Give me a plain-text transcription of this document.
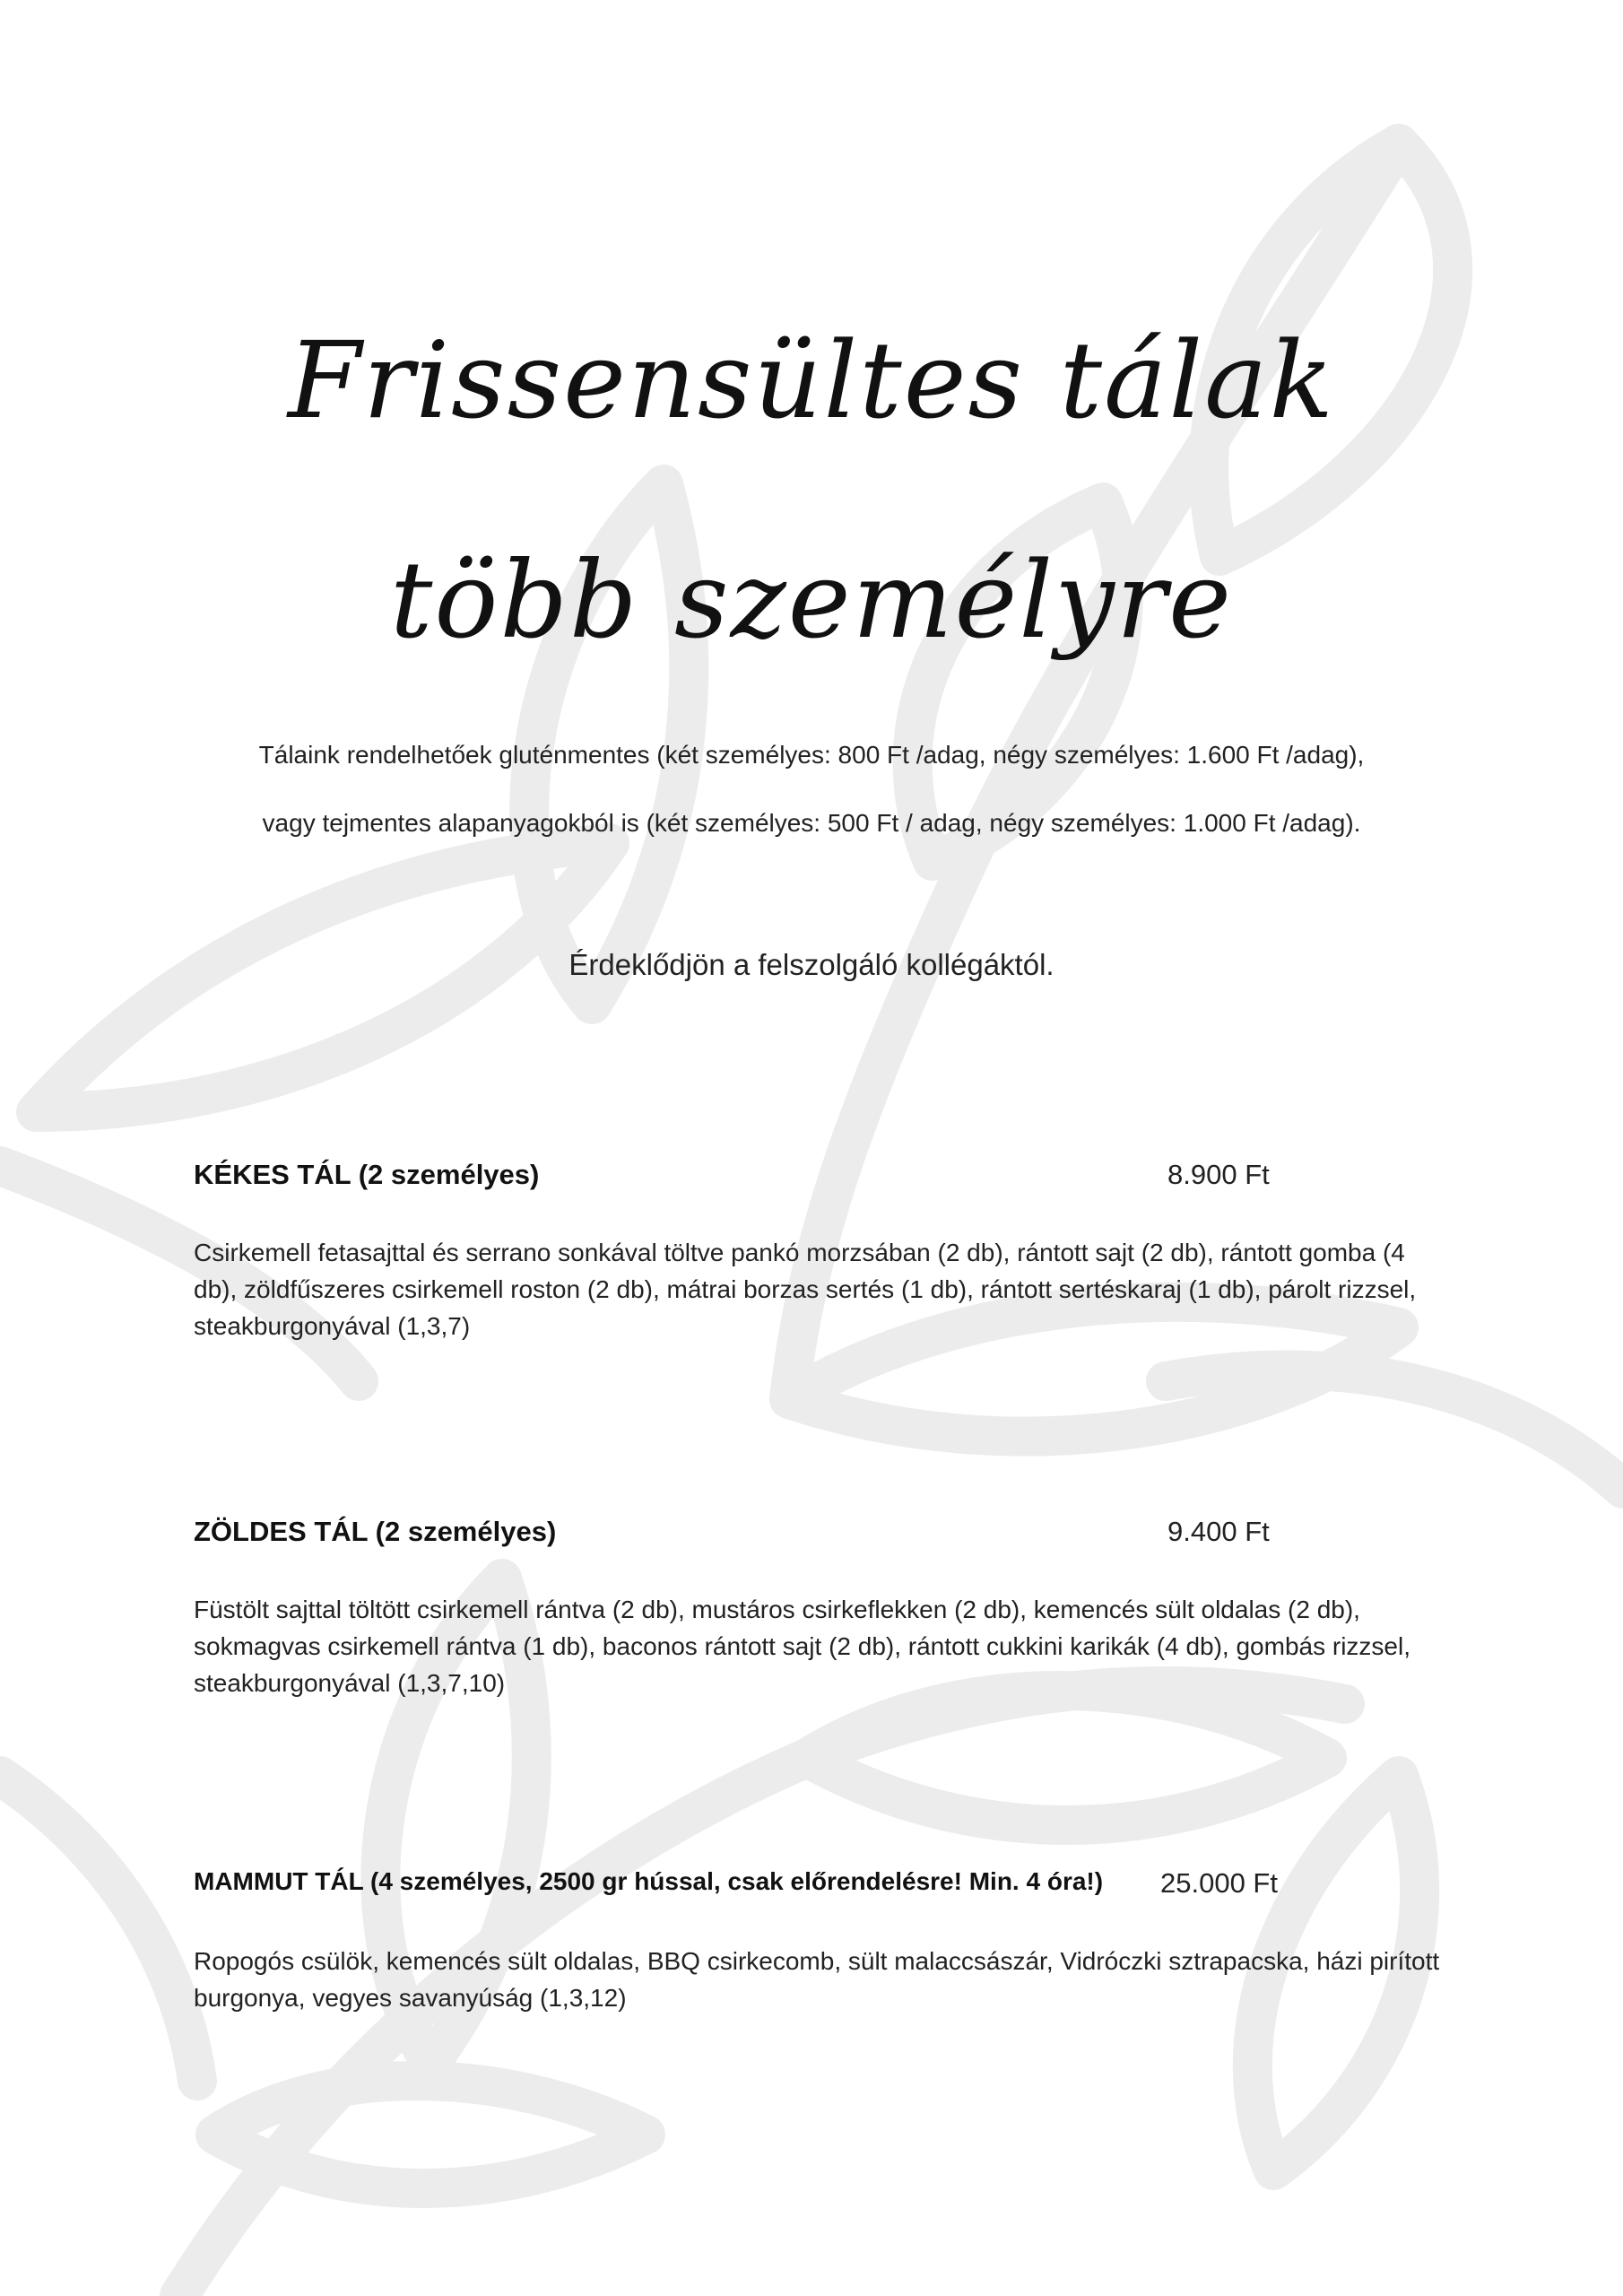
Frissensültes tálak
több személyre

Tálaink rendelhetőek gluténmentes (két személyes: 800 Ft /adag, négy személyes: 1.600 Ft /adag),

vagy tejmentes alapanyagokból is (két személyes: 500 Ft / adag, négy személyes: 1.000 Ft /adag).

Érdeklődjön a felszolgáló kollégáktól.

KÉKES TÁL (2 személyes)	8.900 Ft

Csirkemell fetasajttal és serrano sonkával töltve pankó morzsában (2 db), rántott sajt (2 db), rántott gomba (4 db), zöldfűszeres csirkemell roston (2 db), mátrai borzas sertés (1 db), rántott sertéskaraj (1 db), párolt rizzsel, steakburgonyával (1,3,7)

ZÖLDES TÁL (2 személyes)	9.400 Ft

Füstölt sajttal töltött csirkemell rántva (2 db), mustáros csirkeflekken (2 db), kemencés sült oldalas (2 db), sokmagvas csirkemell rántva (1 db), baconos rántott sajt (2 db), rántott cukkini karikák (4 db), gombás rizzsel, steakburgonyával (1,3,7,10)

MAMMUT TÁL (4 személyes, 2500 gr hússal, csak előrendelésre! Min. 4 óra!) 25.000 Ft

Ropogós csülök, kemencés sült oldalas, BBQ csirkecomb, sült malaccsászár, Vidróczki sztrapacska, házi pirított burgonya, vegyes savanyúság (1,3,12)
